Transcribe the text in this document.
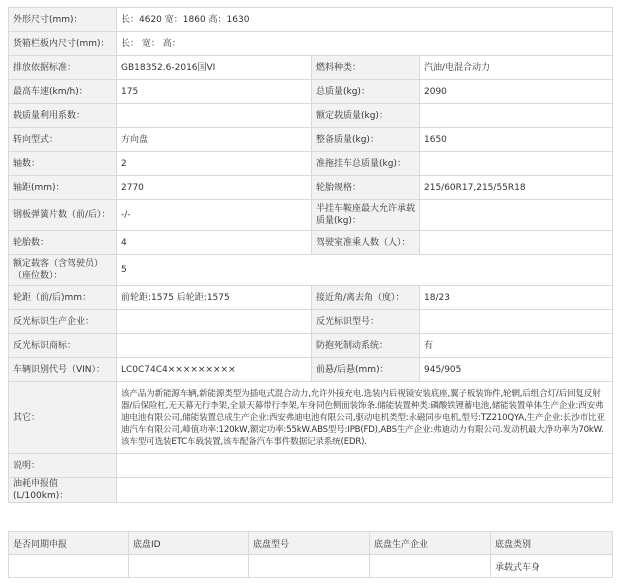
外形尺寸(mm)：	长：4620 宽：1860 高：1630		
货箱栏板内尺寸(mm)：	长： 宽： 高：		
排放依据标准：	GB18352.6-2016国VI	燃料种类：	汽油/电混合动力
最高车速(km/h)：	175	总质量(kg)：	2090
载质量利用系数：		额定载质量(kg)：	
转向型式：	方向盘	整备质量(kg)：	1650
轴数：	2	准拖挂车总质量(kg)：	
轴距(mm)：	2770	轮胎规格：	215/60R17,215/55R18
钢板弹簧片数（前/后）：	-/-	半挂车鞍座最大允许承载质量(kg)：	
轮胎数：	4	驾驶室准乘人数（人）：	
额定载客（含驾驶员）（座位数）：	5		
轮距（前/后)mm：	前轮距:1575 后轮距:1575	接近角/离去角（度）：	18/23
反光标识生产企业：		反光标识型号：	
反光标识商标：		防抱死制动系统：	有
车辆识别代号（VIN）：	LC0C74C4×××××××××	前悬/后悬(mm)：	945/905
其它：	该产品为新能源车辆,新能源类型为插电式混合动力,允许外接充电.选装内后视镜安装底座,翼子板装饰件,轮辋,后组合灯/后回复反射器/后保险杠,无天幕无行李架,全景天幕带行李架,车身同色侧面装饰条.储能装置种类:磷酸铁锂蓄电池,储能装置单体生产企业:西安弗迪电池有限公司,储能装置总成生产企业:西安弗迪电池有限公司,驱动电机类型:永磁同步电机,型号:TZ210QYA,生产企业:长沙市比亚迪汽车有限公司,峰值功率:120kW,额定功率:55kW.ABS型号:IPB(FD),ABS生产企业:弗迪动力有限公司.发动机最大净功率为70kW.该车型可选装ETC车载装置,该车配备汽车事件数据记录系统(EDR).		
说明：			
油耗申报值(L/100km)：			
是否同期申报	底盘ID	底盘型号	底盘生产企业	底盘类别
				承载式车身
